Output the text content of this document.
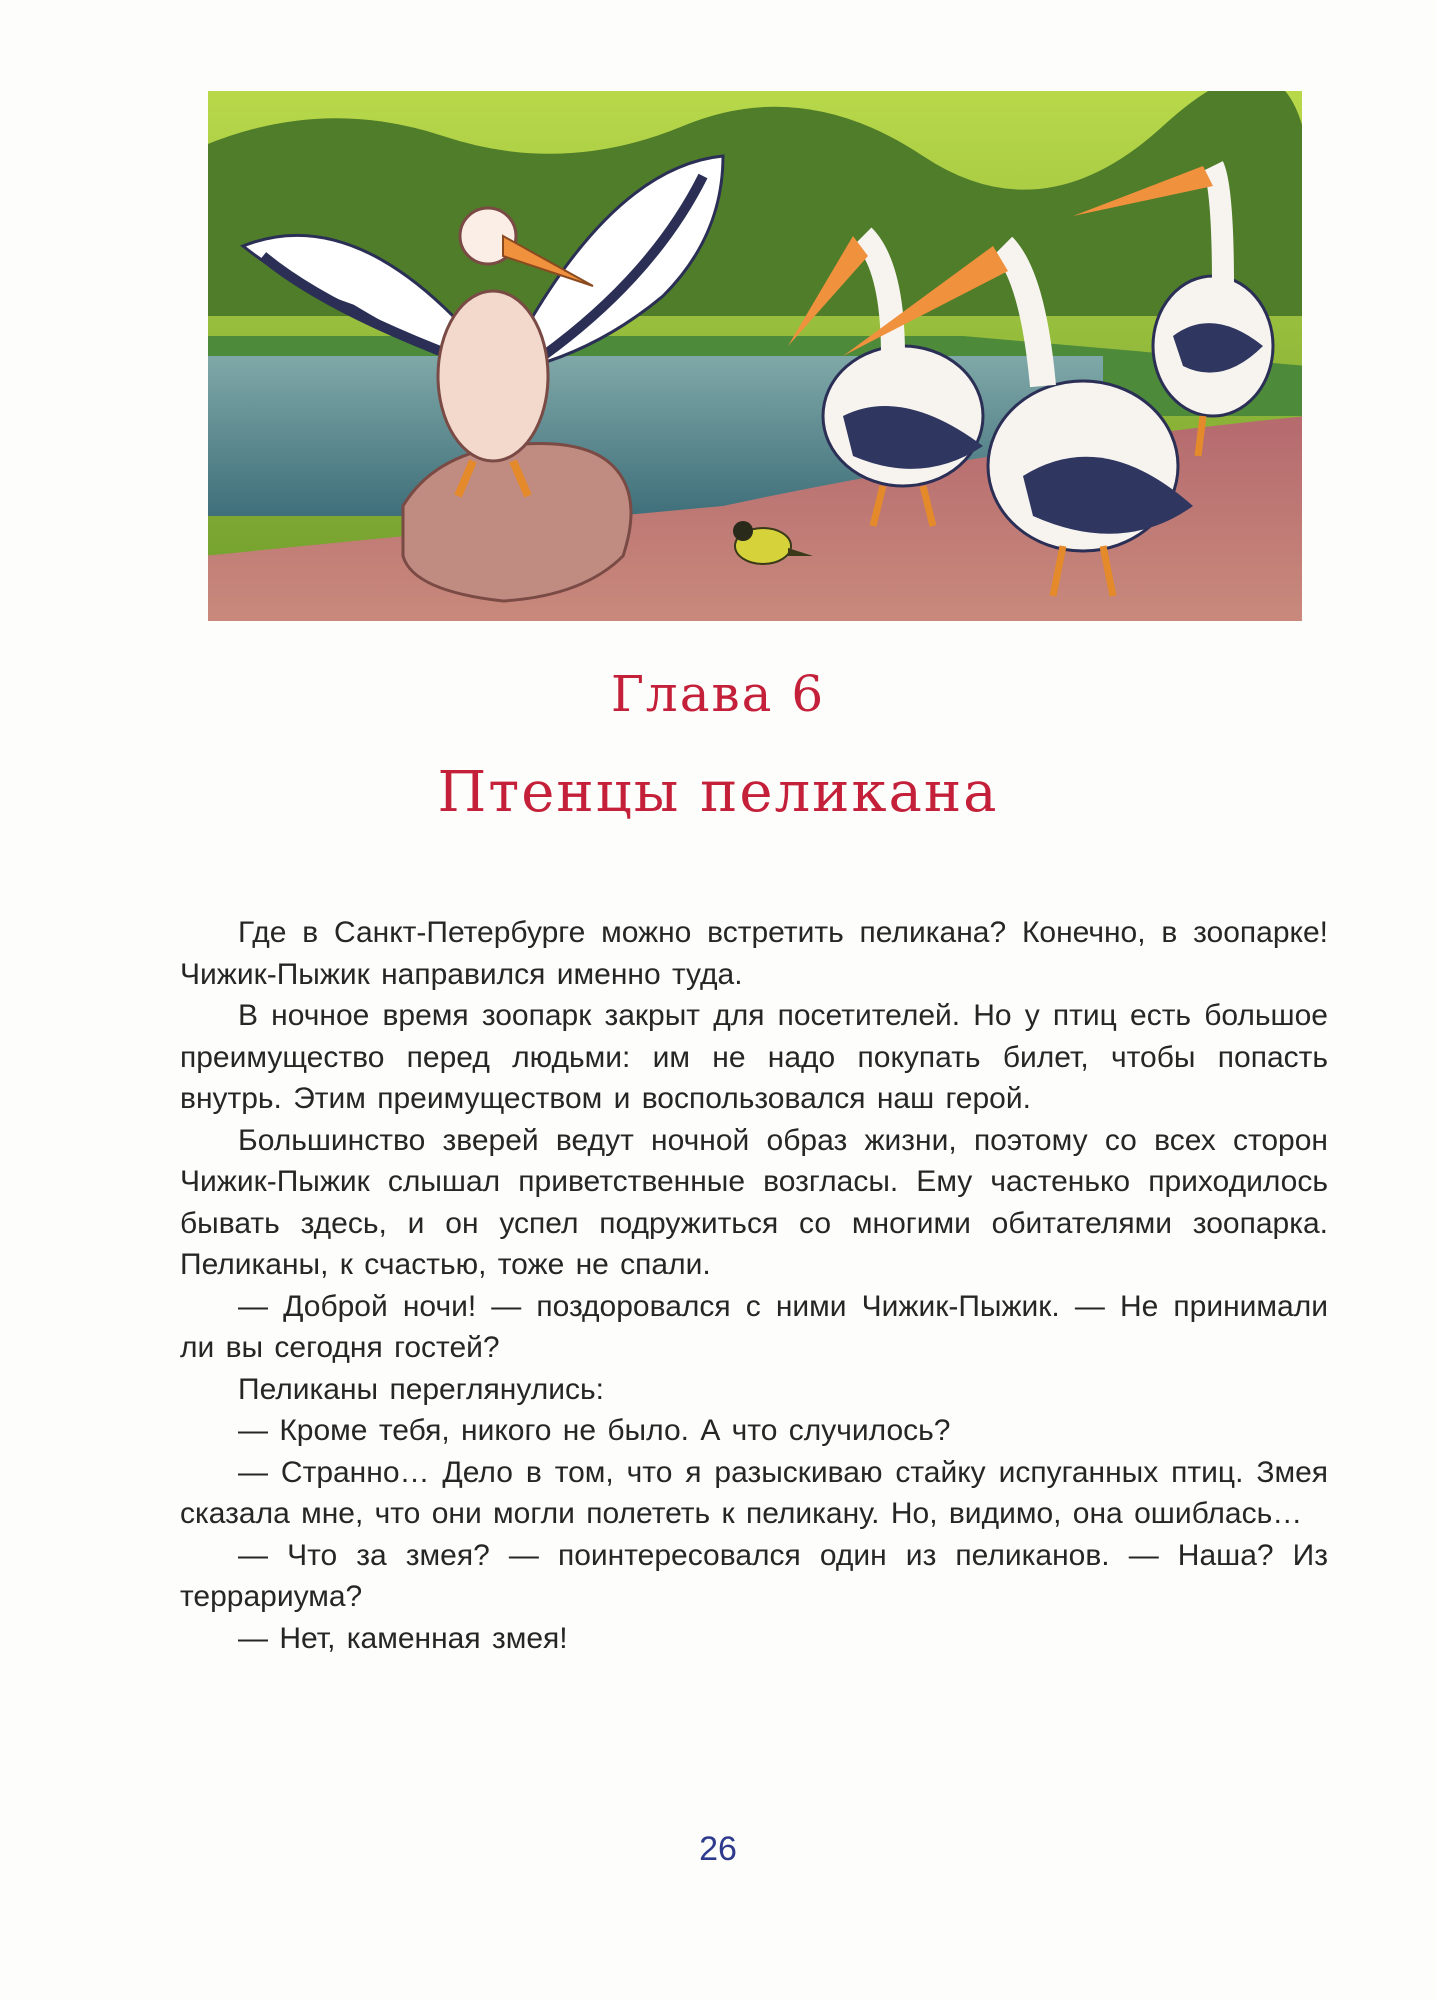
Глава 6
Птенцы пеликана

Где в Санкт-Петербурге можно встретить пеликана? Конечно, в зоопарке! Чижик-Пыжик направился именно туда.

В ночное время зоопарк закрыт для посетителей. Но у птиц есть большое преимущество перед людьми: им не надо покупать билет, чтобы попасть внутрь. Этим преимуществом и воспользовался наш герой.

Большинство зверей ведут ночной образ жизни, поэтому со всех сторон Чижик-Пыжик слышал приветственные возгласы. Ему частенько приходилось бывать здесь, и он успел подружиться со многими обитателями зоопарка. Пеликаны, к счастью, тоже не спали.

— Доброй ночи! — поздоровался с ними Чижик-Пыжик. — Не принимали ли вы сегодня гостей?

Пеликаны переглянулись:

— Кроме тебя, никого не было. А что случилось?

— Странно… Дело в том, что я разыскиваю стайку испуганных птиц. Змея сказала мне, что они могли полететь к пеликану. Но, видимо, она ошиблась…

— Что за змея? — поинтересовался один из пеликанов. — Наша? Из террариума?

— Нет, каменная змея!

26
